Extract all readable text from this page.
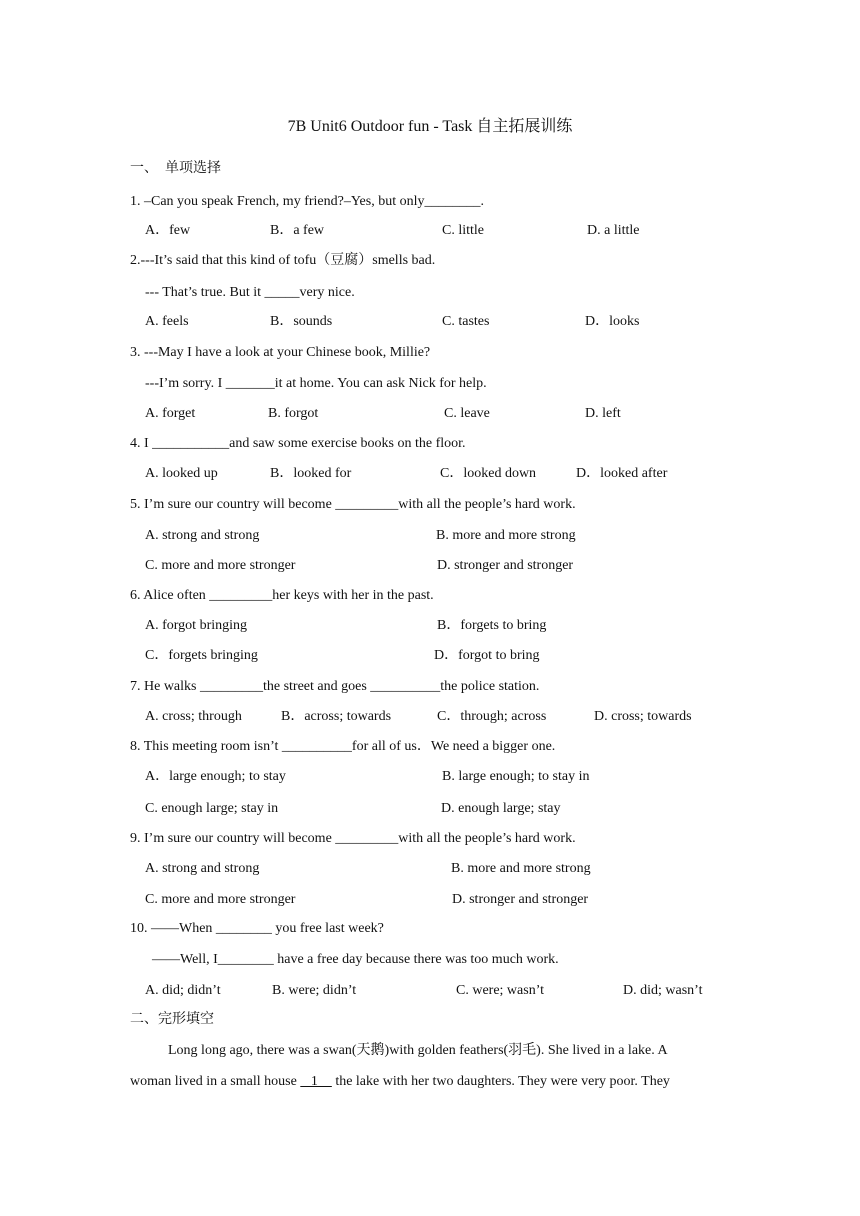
7B Unit6 Outdoor fun - Task 自主拓展训练
一、  单项选择
1. –Can you speak French, my friend?–Yes, but only________.
A．few	B．a few	C. little	D. a little
2.---It’s said that this kind of tofu（豆腐）smells bad.
--- That’s true. But it _____very nice.
A. feels	B．sounds	C. tastes	D．looks
3. ---May I have a look at your Chinese book, Millie?
---I’m sorry. I _______it at home. You can ask Nick for help.
A. forget	B. forgot	C. leave	D. left
4. I ___________and saw some exercise books on the floor.
A. looked up	B．looked for	C．looked down	D．looked after
5. I’m sure our country will become _________with all the people’s hard work.
A. strong and strong	B. more and more strong
C. more and more stronger	D. stronger and stronger
6. Alice often _________her keys with her in the past.
A. forgot bringing	B．forgets to bring
C．forgets bringing	D．forgot to bring
7. He walks _________the street and goes __________the police station.
A. cross; through	B．across; towards	C．through; across	D. cross; towards
8. This meeting room isn’t __________for all of us．We need a bigger one.
A．large enough; to stay	B. large enough; to stay in
C. enough large; stay in	D. enough large; stay
9. I’m sure our country will become _________with all the people’s hard work.
A. strong and strong	B. more and more strong
C. more and more stronger	D. stronger and stronger
10. ——When ________ you free last week?
——Well, I________ have a free day because there was too much work.
A. did; didn’t	B. were; didn’t	C. were; wasn’t	D. did; wasn’t
二、完形填空
Long long ago, there was a swan(天鹅)with golden feathers(羽毛). She lived in a lake. A
woman lived in a small house    1     the lake with her two daughters. They were very poor. They
